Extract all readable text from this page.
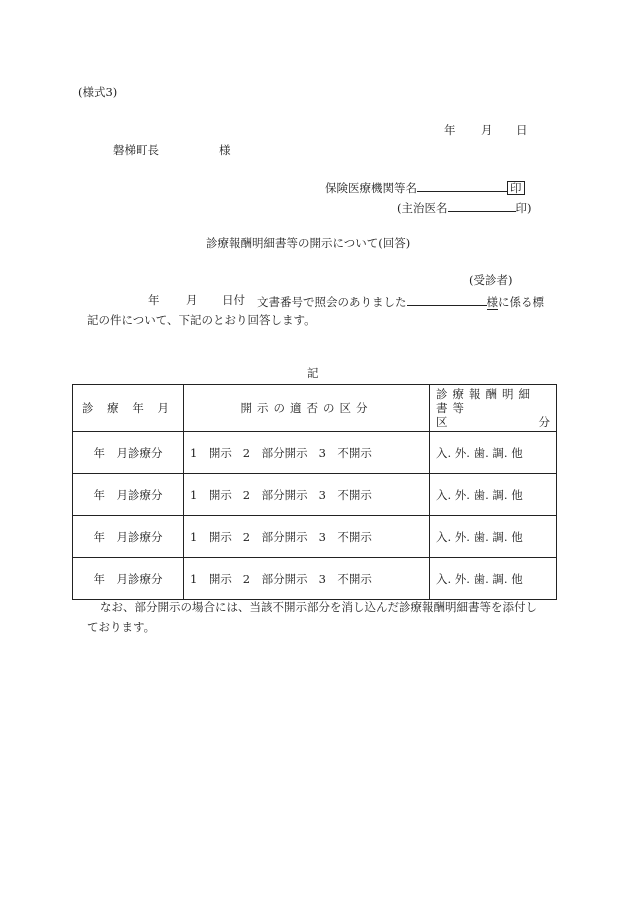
(様式3)
年 月 日
磐梯町長	様
保険医療機関等名	印
(主治医名	印)
診療報酬明細書等の開示について(回答)
(受診者)
年 月 日付 文書番号で照会のありました	様に係る標
記の件について、下記のとおり回答します。
記
診 療 年 月	開示の適否の区分	診療報酬明細書等
区 分

年　月診療分	1　開示 2　部分開示 3　不開示	入. 外. 歯. 調. 他
年　月診療分	1　開示 2　部分開示 3　不開示	入. 外. 歯. 調. 他
年　月診療分	1　開示 2　部分開示 3　不開示	入. 外. 歯. 調. 他
年　月診療分	1　開示 2　部分開示 3　不開示	入. 外. 歯. 調. 他
なお、部分開示の場合には、当該不開示部分を消し込んだ診療報酬明細書等を添付し
ております。
